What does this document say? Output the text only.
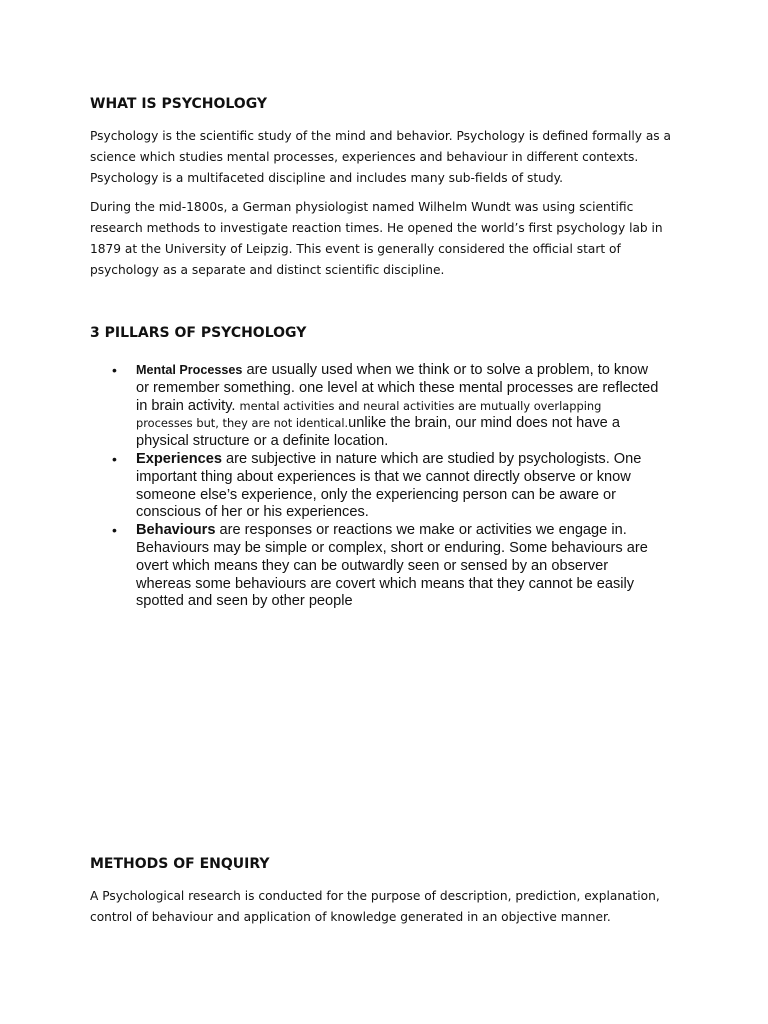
WHAT IS PSYCHOLOGY

Psychology is the scientific study of the mind and behavior. Psychology is defined formally as a
science which studies mental processes, experiences and behaviour in different contexts.
Psychology is a multifaceted discipline and includes many sub-fields of study.

During the mid-1800s, a German physiologist named Wilhelm Wundt was using scientific
research methods to investigate reaction times. He opened the world’s first psychology lab in
1879 at the University of Leipzig. This event is generally considered the official start of
psychology as a separate and distinct scientific discipline.

3 PILLARS OF PSYCHOLOGY
• Mental Processes are usually used when we think or to solve a problem, to know
or remember something. one level at which these mental processes are reflected
in brain activity. mental activities and neural activities are mutually overlapping
processes but, they are not identical.unlike the brain, our mind does not have a
physical structure or a definite location.
• Experiences are subjective in nature which are studied by psychologists. One
important thing about experiences is that we cannot directly observe or know
someone else’s experience, only the experiencing person can be aware or
conscious of her or his experiences.
• Behaviours are responses or reactions we make or activities we engage in.
Behaviours may be simple or complex, short or enduring. Some behaviours are
overt which means they can be outwardly seen or sensed by an observer
whereas some behaviours are covert which means that they cannot be easily
spotted and seen by other people
METHODS OF ENQUIRY

A Psychological research is conducted for the purpose of description, prediction, explanation,
control of behaviour and application of knowledge generated in an objective manner.
